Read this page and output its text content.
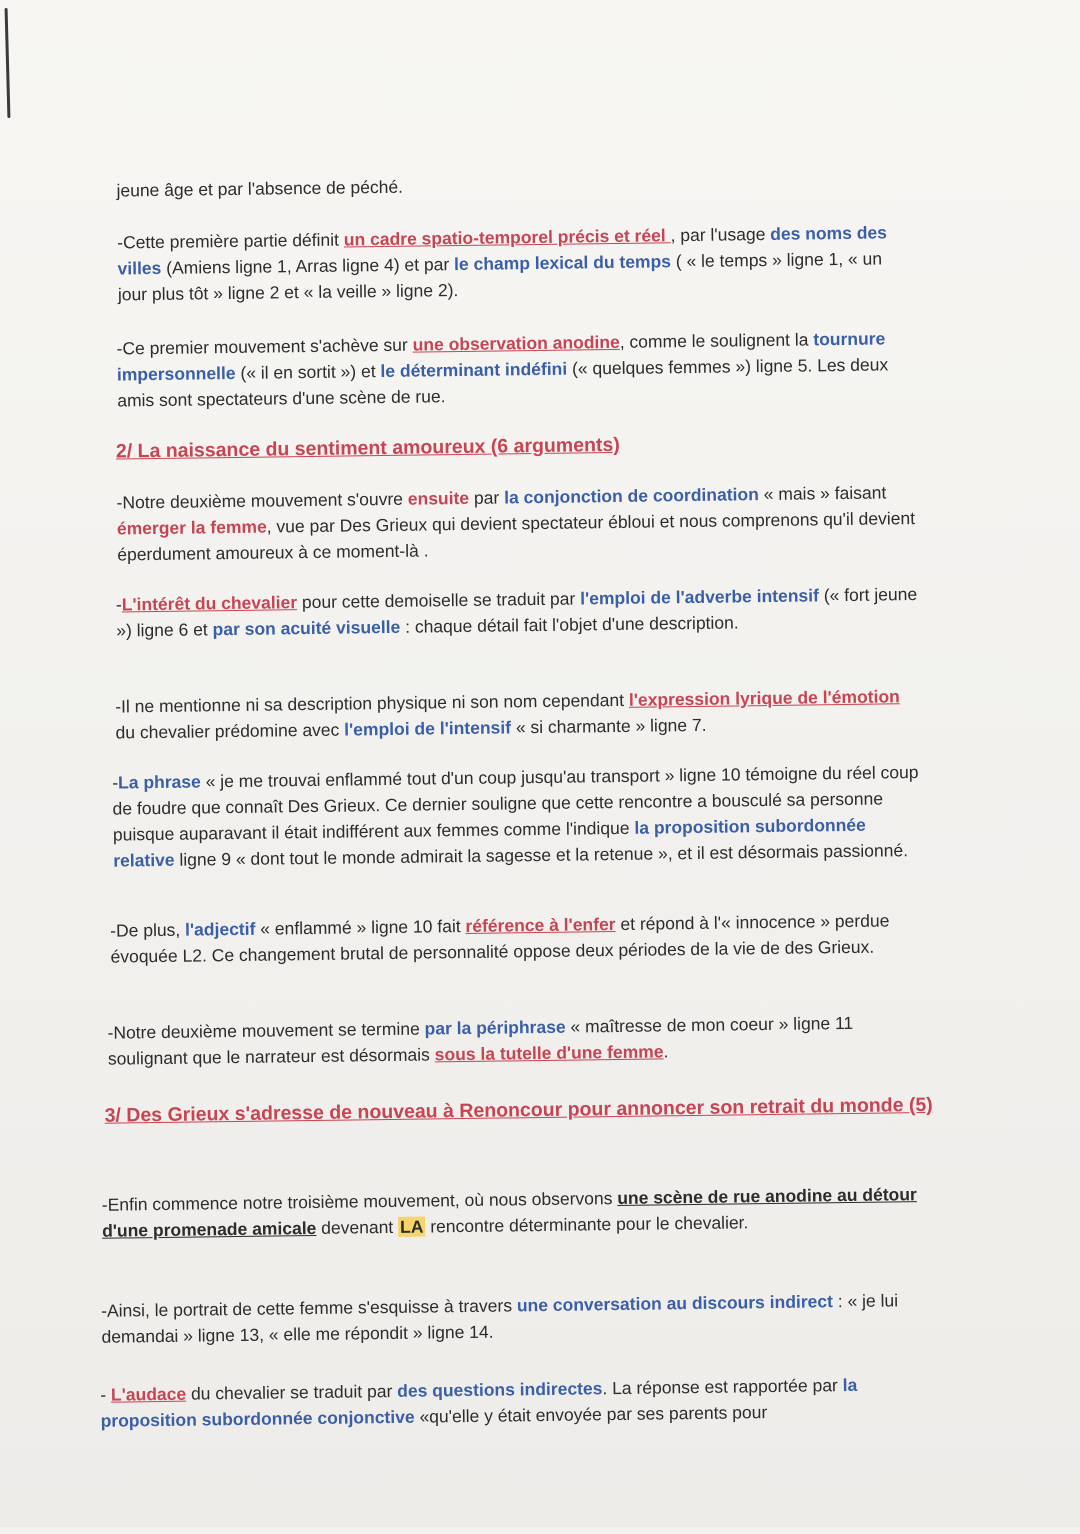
jeune âge et par l'absence de péché.

-Cette première partie définit un cadre spatio-temporel précis et réel , par l'usage des noms des villes (Amiens ligne 1, Arras ligne 4) et par le champ lexical du temps ( « le temps » ligne 1, « un jour plus tôt » ligne 2 et « la veille » ligne 2).

-Ce premier mouvement s'achève sur une observation anodine, comme le soulignent la tournure impersonnelle (« il en sortit ») et le déterminant indéfini (« quelques femmes ») ligne 5. Les deux amis sont spectateurs d'une scène de rue.

2/ La naissance du sentiment amoureux (6 arguments)

-Notre deuxième mouvement s'ouvre ensuite par la conjonction de coordination « mais » faisant émerger la femme, vue par Des Grieux qui devient spectateur ébloui et nous comprenons qu'il devient éperdument amoureux à ce moment-là .

-L'intérêt du chevalier pour cette demoiselle se traduit par l'emploi de l'adverbe intensif (« fort jeune ») ligne 6 et par son acuité visuelle : chaque détail fait l'objet d'une description.

-Il ne mentionne ni sa description physique ni son nom cependant l'expression lyrique de l'émotion du chevalier prédomine avec l'emploi de l'intensif « si charmante » ligne 7.

-La phrase « je me trouvai enflammé tout d'un coup jusqu'au transport » ligne 10 témoigne du réel coup de foudre que connaît Des Grieux. Ce dernier souligne que cette rencontre a bousculé sa personne puisque auparavant il était indifférent aux femmes comme l'indique la proposition subordonnée relative ligne 9 « dont tout le monde admirait la sagesse et la retenue », et il est désormais passionné.

-De plus, l'adjectif « enflammé » ligne 10 fait référence à l'enfer et répond à l'« innocence » perdue évoquée L2. Ce changement brutal de personnalité oppose deux périodes de la vie de des Grieux.

-Notre deuxième mouvement se termine par la périphrase « maîtresse de mon coeur » ligne 11 soulignant que le narrateur est désormais sous la tutelle d'une femme.

3/ Des Grieux s'adresse de nouveau à Renoncour pour annoncer son retrait du monde (5)

-Enfin commence notre troisième mouvement, où nous observons une scène de rue anodine au détour d'une promenade amicale devenant LA rencontre déterminante pour le chevalier.

-Ainsi, le portrait de cette femme s'esquisse à travers une conversation au discours indirect : « je lui demandai » ligne 13, « elle me répondit » ligne 14.

- L'audace du chevalier se traduit par des questions indirectes. La réponse est rapportée par la proposition subordonnée conjonctive «qu'elle y était envoyée par ses parents pour
